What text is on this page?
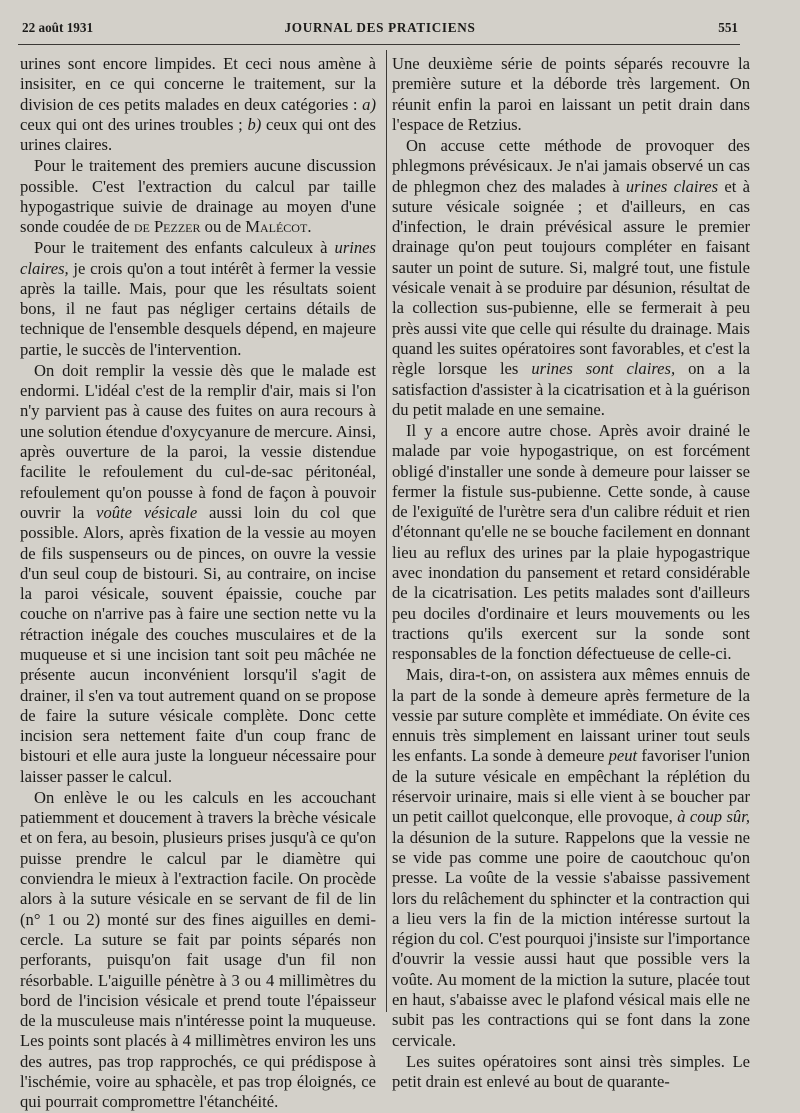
22 août 1931	JOURNAL DES PRATICIENS	551

urines sont encore limpides. Et ceci nous amène à insisiter, en ce qui concerne le traitement, sur la division de ces petits malades en deux catégories : a) ceux qui ont des urines troubles ; b) ceux qui ont des urines claires.

Pour le traitement des premiers aucune discussion possible. C'est l'extraction du calcul par taille hypogastrique suivie de drainage au moyen d'une sonde coudée de de Pezzer ou de Malécot.

Pour le traitement des enfants calculeux à urines claires, je crois qu'on a tout intérêt à fermer la vessie après la taille. Mais, pour que les résultats soient bons, il ne faut pas négliger certains détails de technique de l'ensemble desquels dépend, en majeure partie, le succès de l'intervention.

On doit remplir la vessie dès que le malade est endormi. L'idéal c'est de la remplir d'air, mais si l'on n'y parvient pas à cause des fuites on aura recours à une solution étendue d'oxycyanure de mercure. Ainsi, après ouverture de la paroi, la vessie distendue facilite le refoulement du cul-de-sac péritonéal, refoulement qu'on pousse à fond de façon à pouvoir ouvrir la voûte vésicale aussi loin du col que possible. Alors, après fixation de la vessie au moyen de fils suspenseurs ou de pinces, on ouvre la vessie d'un seul coup de bistouri. Si, au contraire, on incise la paroi vésicale, souvent épaissie, couche par couche on n'arrive pas à faire une section nette vu la rétraction inégale des couches musculaires et de la muqueuse et si une incision tant soit peu mâchée ne présente aucun inconvénient lorsqu'il s'agit de drainer, il s'en va tout autrement quand on se propose de faire la suture vésicale complète. Donc cette incision sera nettement faite d'un coup franc de bistouri et elle aura juste la longueur nécessaire pour laisser passer le calcul.

On enlève le ou les calculs en les accouchant patiemment et doucement à travers la brèche vésicale et on fera, au besoin, plusieurs prises jusqu'à ce qu'on puisse prendre le calcul par le diamètre qui conviendra le mieux à l'extraction facile. On procède alors à la suture vésicale en se servant de fil de lin (n° 1 ou 2) monté sur des fines aiguilles en demi-cercle. La suture se fait par points séparés non perforants, puisqu'on fait usage d'un fil non résorbable. L'aiguille pénètre à 3 ou 4 millimètres du bord de l'incision vésicale et prend toute l'épaisseur de la musculeuse mais n'intéresse point la muqueuse. Les points sont placés à 4 millimètres environ les uns des autres, pas trop rapprochés, ce qui prédispose à l'ischémie, voire au sphacèle, et pas trop éloignés, ce qui pourrait compromettre l'étanchéité.

Une deuxième série de points séparés recouvre la première suture et la déborde très largement. On réunit enfin la paroi en laissant un petit drain dans l'espace de Retzius.

On accuse cette méthode de provoquer des phlegmons prévésicaux. Je n'ai jamais observé un cas de phlegmon chez des malades à urines claires et à suture vésicale soignée ; et d'ailleurs, en cas d'infection, le drain prévésical assure le premier drainage qu'on peut toujours compléter en faisant sauter un point de suture. Si, malgré tout, une fistule vésicale venait à se produire par désunion, résultat de la collection sus-pubienne, elle se fermerait à peu près aussi vite que celle qui résulte du drainage. Mais quand les suites opératoires sont favorables, et c'est la règle lorsque les urines sont claires, on a la satisfaction d'assister à la cicatrisation et à la guérison du petit malade en une semaine.

Il y a encore autre chose. Après avoir drainé le malade par voie hypogastrique, on est forcément obligé d'installer une sonde à demeure pour laisser se fermer la fistule sus-pubienne. Cette sonde, à cause de l'exiguïté de l'urètre sera d'un calibre réduit et rien d'étonnant qu'elle ne se bouche facilement en donnant lieu au reflux des urines par la plaie hypogastrique avec inondation du pansement et retard considérable de la cicatrisation. Les petits malades sont d'ailleurs peu dociles d'ordinaire et leurs mouvements ou les tractions qu'ils exercent sur la sonde sont responsables de la fonction défectueuse de celle-ci.

Mais, dira-t-on, on assistera aux mêmes ennuis de la part de la sonde à demeure après fermeture de la vessie par suture complète et immédiate. On évite ces ennuis très simplement en laissant uriner tout seuls les enfants. La sonde à demeure peut favoriser l'union de la suture vésicale en empêchant la réplétion du réservoir urinaire, mais si elle vient à se boucher par un petit caillot quelconque, elle provoque, à coup sûr, la désunion de la suture. Rappelons que la vessie ne se vide pas comme une poire de caoutchouc qu'on presse. La voûte de la vessie s'abaisse passivement lors du relâchement du sphincter et la contraction qui a lieu vers la fin de la miction intéresse surtout la région du col. C'est pourquoi j'insiste sur l'importance d'ouvrir la vessie aussi haut que possible vers la voûte. Au moment de la miction la suture, placée tout en haut, s'abaisse avec le plafond vésical mais elle ne subit pas les contractions qui se font dans la zone cervicale.

Les suites opératoires sont ainsi très simples. Le petit drain est enlevé au bout de quarante-
